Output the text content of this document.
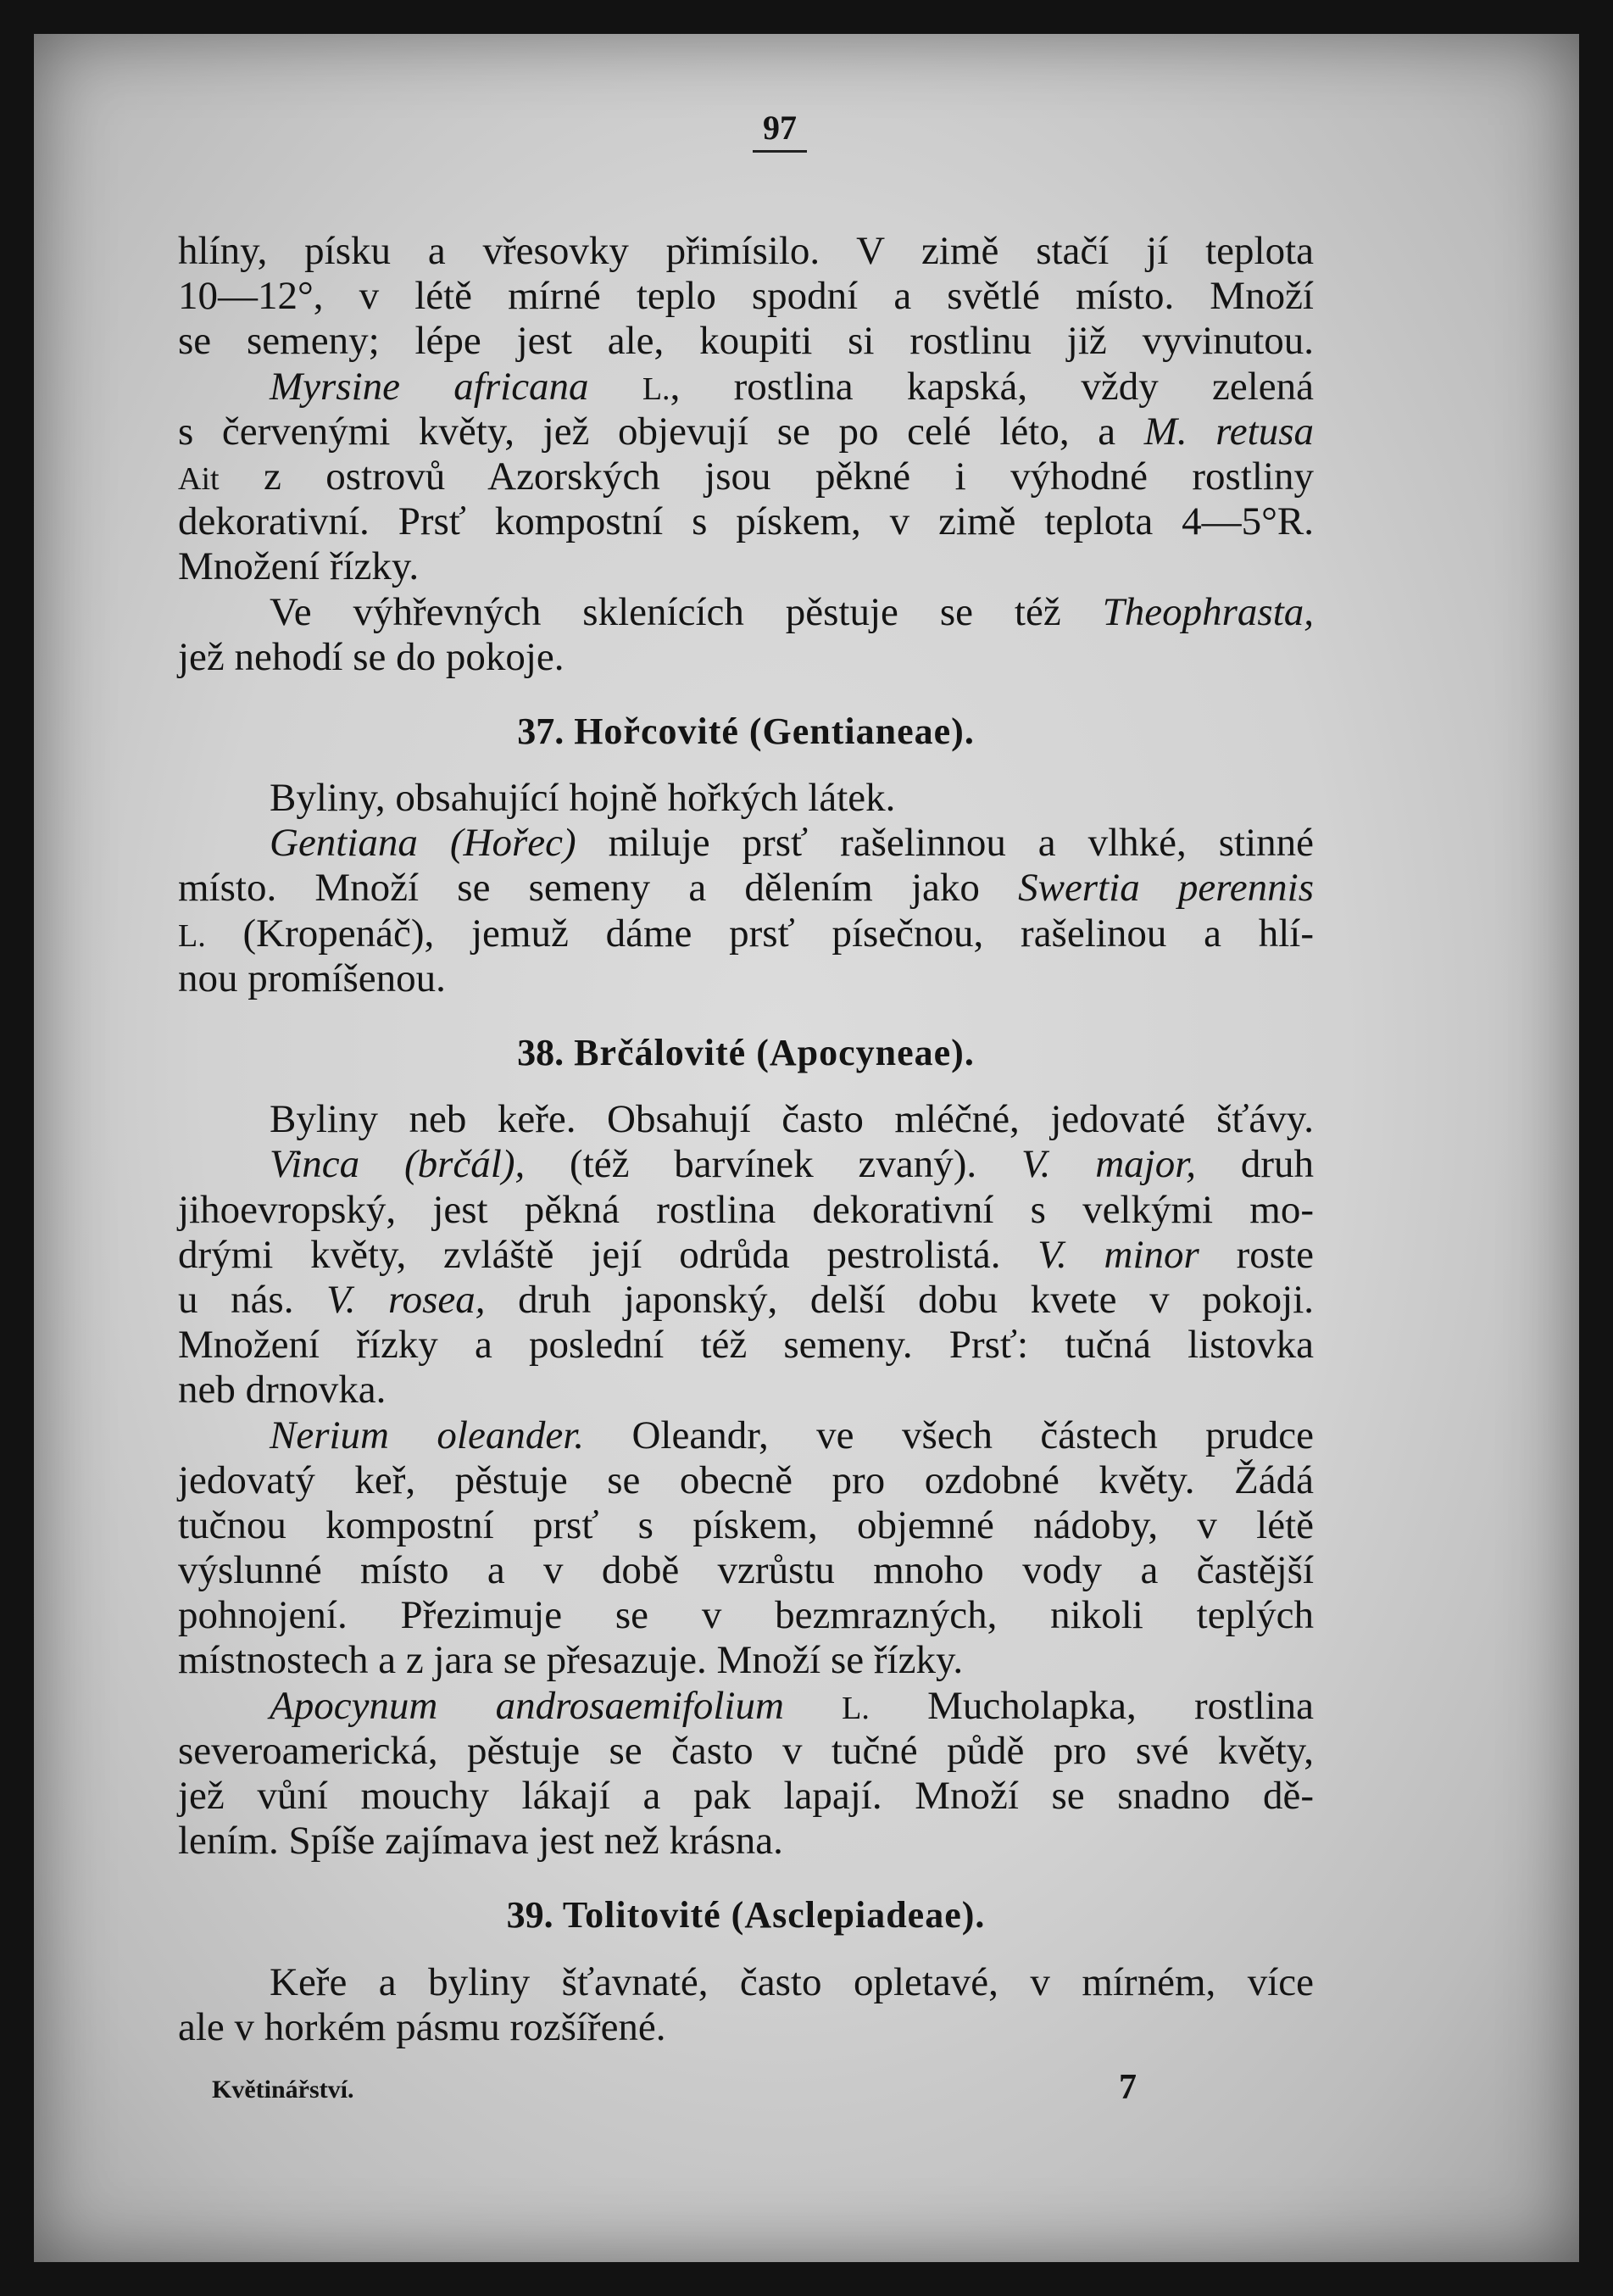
97
hlíny, písku a vřesovky přimísilo. V zimě stačí jí teplota
10—12°, v létě mírné teplo spodní a světlé místo. Množí
se semeny; lépe jest ale, koupiti si rostlinu již vyvinutou.
Myrsine africana L., rostlina kapská, vždy zelená
s červenými květy, jež objevují se po celé léto, a M. retusa
Ait z ostrovů Azorských jsou pěkné i výhodné rostliny
dekorativní. Prsť kompostní s pískem, v zimě teplota 4—5°R.
Množení řízky.
Ve výhřevných sklenících pěstuje se též Theophrasta,
jež nehodí se do pokoje.
37. Hořcovité (Gentianeae).
Byliny, obsahující hojně hořkých látek.
Gentiana (Hořec) miluje prsť rašelinnou a vlhké, stinné
místo. Množí se semeny a dělením jako Swertia perennis
L. (Kropenáč), jemuž dáme prsť písečnou, rašelinou a hlí-
nou promíšenou.
38. Brčálovité (Apocyneae).
Byliny neb keře. Obsahují často mléčné, jedovaté šťávy.
Vinca (brčál), (též barvínek zvaný). V. major, druh
jihoevropský, jest pěkná rostlina dekorativní s velkými mo-
drými květy, zvláště její odrůda pestrolistá. V. minor roste
u nás. V. rosea, druh japonský, delší dobu kvete v pokoji.
Množení řízky a poslední též semeny. Prsť: tučná listovka
neb drnovka.
Nerium oleander. Oleandr, ve všech částech prudce
jedovatý keř, pěstuje se obecně pro ozdobné květy. Žádá
tučnou kompostní prsť s pískem, objemné nádoby, v létě
výslunné místo a v době vzrůstu mnoho vody a častější
pohnojení. Přezimuje se v bezmrazných, nikoli teplých
místnostech a z jara se přesazuje. Množí se řízky.
Apocynum androsaemifolium L. Mucholapka, rostlina
severoamerická, pěstuje se často v tučné půdě pro své květy,
jež vůní mouchy lákají a pak lapají. Množí se snadno dě-
lením. Spíše zajímava jest než krásna.
39. Tolitovité (Asclepiadeae).
Keře a byliny šťavnaté, často opletavé, v mírném, více
ale v horkém pásmu rozšířené.
Květinářství.	7
